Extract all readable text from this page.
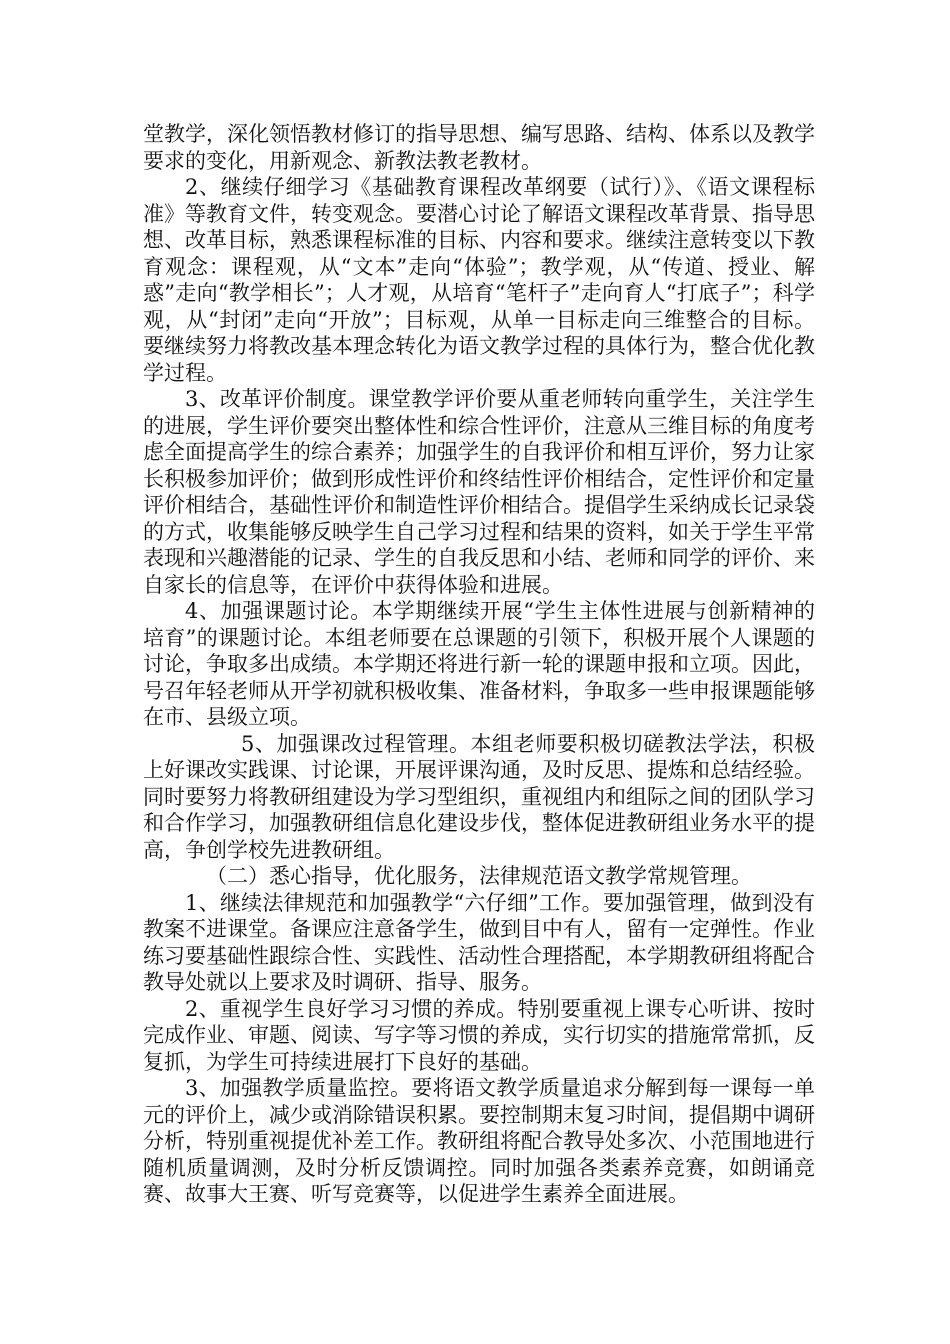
堂教学，深化领悟教材修订的指导思想、编写思路、结构、体系以及教学要求的变化，用新观念、新教法教老教材。

2、继续仔细学习《基础教育课程改革纲要（试行）》、《语文课程标准》等教育文件，转变观念。要潜心讨论了解语文课程改革背景、指导思想、改革目标，熟悉课程标准的目标、内容和要求。继续注意转变以下教育观念：课程观，从“文本”走向“体验”；教学观，从“传道、授业、解惑”走向“教学相长”；人才观，从培育“笔杆子”走向育人“打底子”；科学观，从“封闭”走向“开放”；目标观，从单一目标走向三维整合的目标。要继续努力将教改基本理念转化为语文教学过程的具体行为，整合优化教学过程。

3、改革评价制度。课堂教学评价要从重老师转向重学生，关注学生的进展，学生评价要突出整体性和综合性评价，注意从三维目标的角度考虑全面提高学生的综合素养；加强学生的自我评价和相互评价，努力让家长积极参加评价；做到形成性评价和终结性评价相结合，定性评价和定量评价相结合，基础性评价和制造性评价相结合。提倡学生采纳成长记录袋的方式，收集能够反映学生自己学习过程和结果的资料，如关于学生平常表现和兴趣潜能的记录、学生的自我反思和小结、老师和同学的评价、来自家长的信息等，在评价中获得体验和进展。

4、加强课题讨论。本学期继续开展“学生主体性进展与创新精神的培育”的课题讨论。本组老师要在总课题的引领下，积极开展个人课题的讨论，争取多出成绩。本学期还将进行新一轮的课题申报和立项。因此，号召年轻老师从开学初就积极收集、准备材料，争取多一些申报课题能够在市、县级立项。

5、加强课改过程管理。本组老师要积极切磋教法学法，积极上好课改实践课、讨论课，开展评课沟通，及时反思、提炼和总结经验。同时要努力将教研组建设为学习型组织，重视组内和组际之间的团队学习和合作学习，加强教研组信息化建设步伐，整体促进教研组业务水平的提高，争创学校先进教研组。

（二）悉心指导，优化服务，法律规范语文教学常规管理。

1、继续法律规范和加强教学“六仔细”工作。要加强管理，做到没有教案不进课堂。备课应注意备学生，做到目中有人，留有一定弹性。作业练习要基础性跟综合性、实践性、活动性合理搭配，本学期教研组将配合教导处就以上要求及时调研、指导、服务。

2、重视学生良好学习习惯的养成。特别要重视上课专心听讲、按时完成作业、审题、阅读、写字等习惯的养成，实行切实的措施常常抓，反复抓，为学生可持续进展打下良好的基础。

3、加强教学质量监控。要将语文教学质量追求分解到每一课每一单元的评价上，减少或消除错误积累。要控制期末复习时间，提倡期中调研分析，特别重视提优补差工作。教研组将配合教导处多次、小范围地进行随机质量调测，及时分析反馈调控。同时加强各类素养竞赛，如朗诵竞赛、故事大王赛、听写竞赛等，以促进学生素养全面进展。
